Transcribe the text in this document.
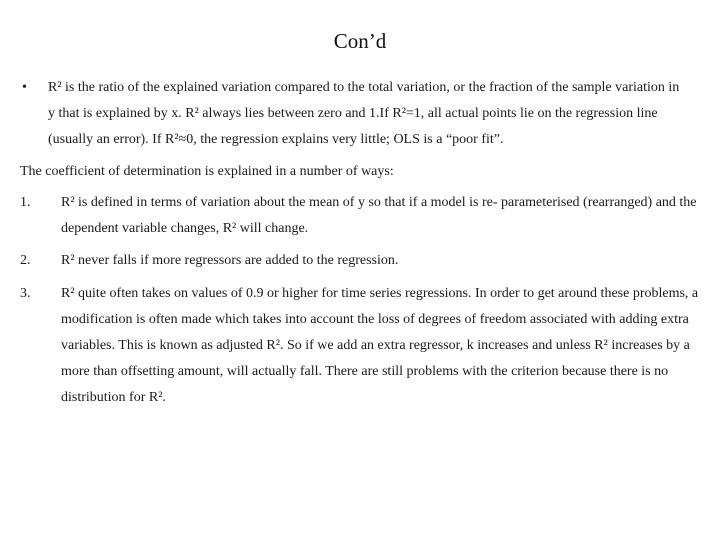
Con’d
• R² is the ratio of the explained variation compared to the total variation, or the fraction of the sample variation in y that is explained by x. R² always lies between zero and 1.If R²=1, all actual points lie on the regression line (usually an error). If R²≈0, the regression explains very little; OLS is a “poor fit”.
The coefficient of determination is explained in a number of ways:
1. R² is defined in terms of variation about the mean of y so that if a model is re- parameterised (rearranged) and the dependent variable changes, R² will change.
2. R² never falls if more regressors are added to the regression.
3. R² quite often takes on values of 0.9 or higher for time series regressions. In order to get around these problems, a modification is often made which takes into account the loss of degrees of freedom associated with adding extra variables. This is known as adjusted R². So if we add an extra regressor, k increases and unless R² increases by a more than offsetting amount, will actually fall. There are still problems with the criterion because there is no distribution for R².
